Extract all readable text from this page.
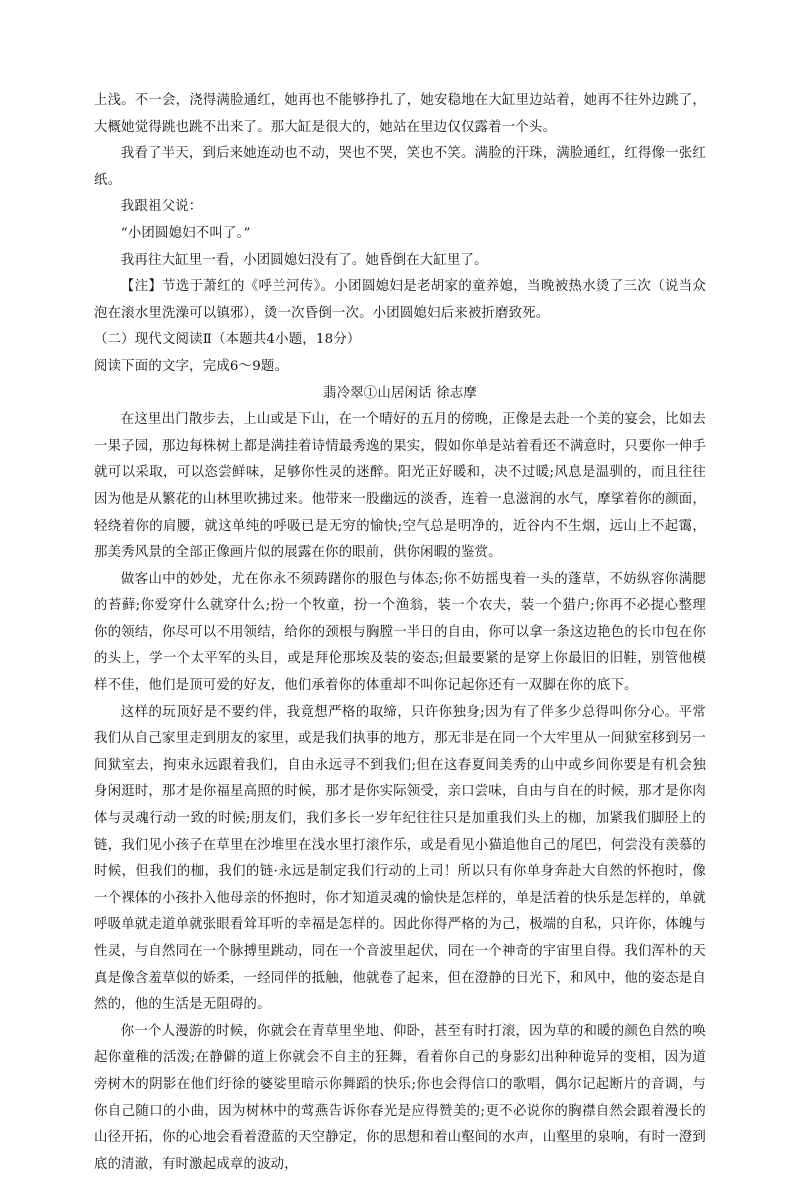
上浅。不一会，浇得满脸通红，她再也不能够挣扎了，她安稳地在大缸里边站着，她再不往外边跳了，大概她觉得跳也跳不出来了。那大缸是很大的，她站在里边仅仅露着一个头。

我看了半天，到后来她连动也不动，哭也不哭，笑也不笑。满脸的汗珠，满脸通红，红得像一张红纸。

我跟祖父说：

“小团圆媳妇不叫了。”

我再往大缸里一看，小团圆媳妇没有了。她昏倒在大缸里了。

【注】节选于萧红的《呼兰河传》。小团圆媳妇是老胡家的童养媳，当晚被热水烫了三次（说当众泡在滚水里洗澡可以镇邪），烫一次昏倒一次。小团圆媳妇后来被折磨致死。

（二）现代文阅读Ⅱ（本题共4小题，18分）

阅读下面的文字，完成6～9题。

翡冷翠①山居闲话 徐志摩

在这里出门散步去，上山或是下山，在一个晴好的五月的傍晚，正像是去赴一个美的宴会，比如去一果子园，那边每株树上都是满挂着诗情最秀逸的果实，假如你单是站着看还不满意时，只要你一伸手就可以采取，可以恣尝鲜味，足够你性灵的迷醉。阳光正好暖和，决不过暖;风息是温驯的，而且往往因为他是从繁花的山林里吹拂过来。他带来一股幽远的淡香，连着一息滋润的水气，摩挲着你的颜面，轻绕着你的肩腰，就这单纯的呼吸已是无穷的愉快;空气总是明净的，近谷内不生烟，远山上不起霭，那美秀风景的全部正像画片似的展露在你的眼前，供你闲暇的鉴赏。

做客山中的妙处，尤在你永不须踌躇你的服色与体态;你不妨摇曳着一头的蓬草，不妨纵容你满腮的苔藓;你爱穿什么就穿什么;扮一个牧童，扮一个渔翁，装一个农夫，装一个猎户;你再不必提心整理你的领结，你尽可以不用领结，给你的颈根与胸膛一半日的自由，你可以拿一条这边艳色的长巾包在你的头上，学一个太平军的头目，或是拜伦那埃及装的姿态;但最要紧的是穿上你最旧的旧鞋，别管他模样不佳，他们是顶可爱的好友，他们承着你的体重却不叫你记起你还有一双脚在你的底下。

这样的玩顶好是不要约伴，我竟想严格的取缔，只许你独身;因为有了伴多少总得叫你分心。平常我们从自己家里走到朋友的家里，或是我们执事的地方，那无非是在同一个大牢里从一间狱室移到另一间狱室去，拘束永远跟着我们，自由永远寻不到我们;但在这春夏间美秀的山中或乡间你要是有机会独身闲逛时，那才是你福星高照的时候，那才是你实际领受，亲口尝味，自由与自在的时候，那才是你肉体与灵魂行动一致的时候;朋友们，我们多长一岁年纪往往只是加重我们头上的枷，加紧我们脚胫上的链，我们见小孩子在草里在沙堆里在浅水里打滚作乐，或是看见小猫追他自己的尾巴，何尝没有羡慕的时候，但我们的枷，我们的链·永远是制定我们行动的上司！所以只有你单身奔赴大自然的怀抱时，像一个裸体的小孩扑入他母亲的怀抱时，你才知道灵魂的愉快是怎样的，单是活着的快乐是怎样的，单就呼吸单就走道单就张眼看耸耳听的幸福是怎样的。因此你得严格的为己，极端的自私，只许你，体魄与性灵，与自然同在一个脉搏里跳动，同在一个音波里起伏，同在一个神奇的宇宙里自得。我们浑朴的天真是像含羞草似的娇柔，一经同伴的抵触，他就卷了起来，但在澄静的日光下，和风中，他的姿态是自然的，他的生活是无阻碍的。

你一个人漫游的时候，你就会在青草里坐地、仰卧，甚至有时打滚，因为草的和暖的颜色自然的唤起你童稚的活泼;在静僻的道上你就会不自主的狂舞，看着你自己的身影幻出种种诡异的变相，因为道旁树木的阴影在他们纡徐的婆娑里暗示你舞蹈的快乐;你也会得信口的歌唱，偶尔记起断片的音调，与你自己随口的小曲，因为树林中的莺燕告诉你春光是应得赞美的;更不必说你的胸襟自然会跟着漫长的山径开拓，你的心地会看着澄蓝的天空静定，你的思想和着山壑间的水声，山壑里的泉响，有时一澄到底的清澈，有时激起成章的波动，
